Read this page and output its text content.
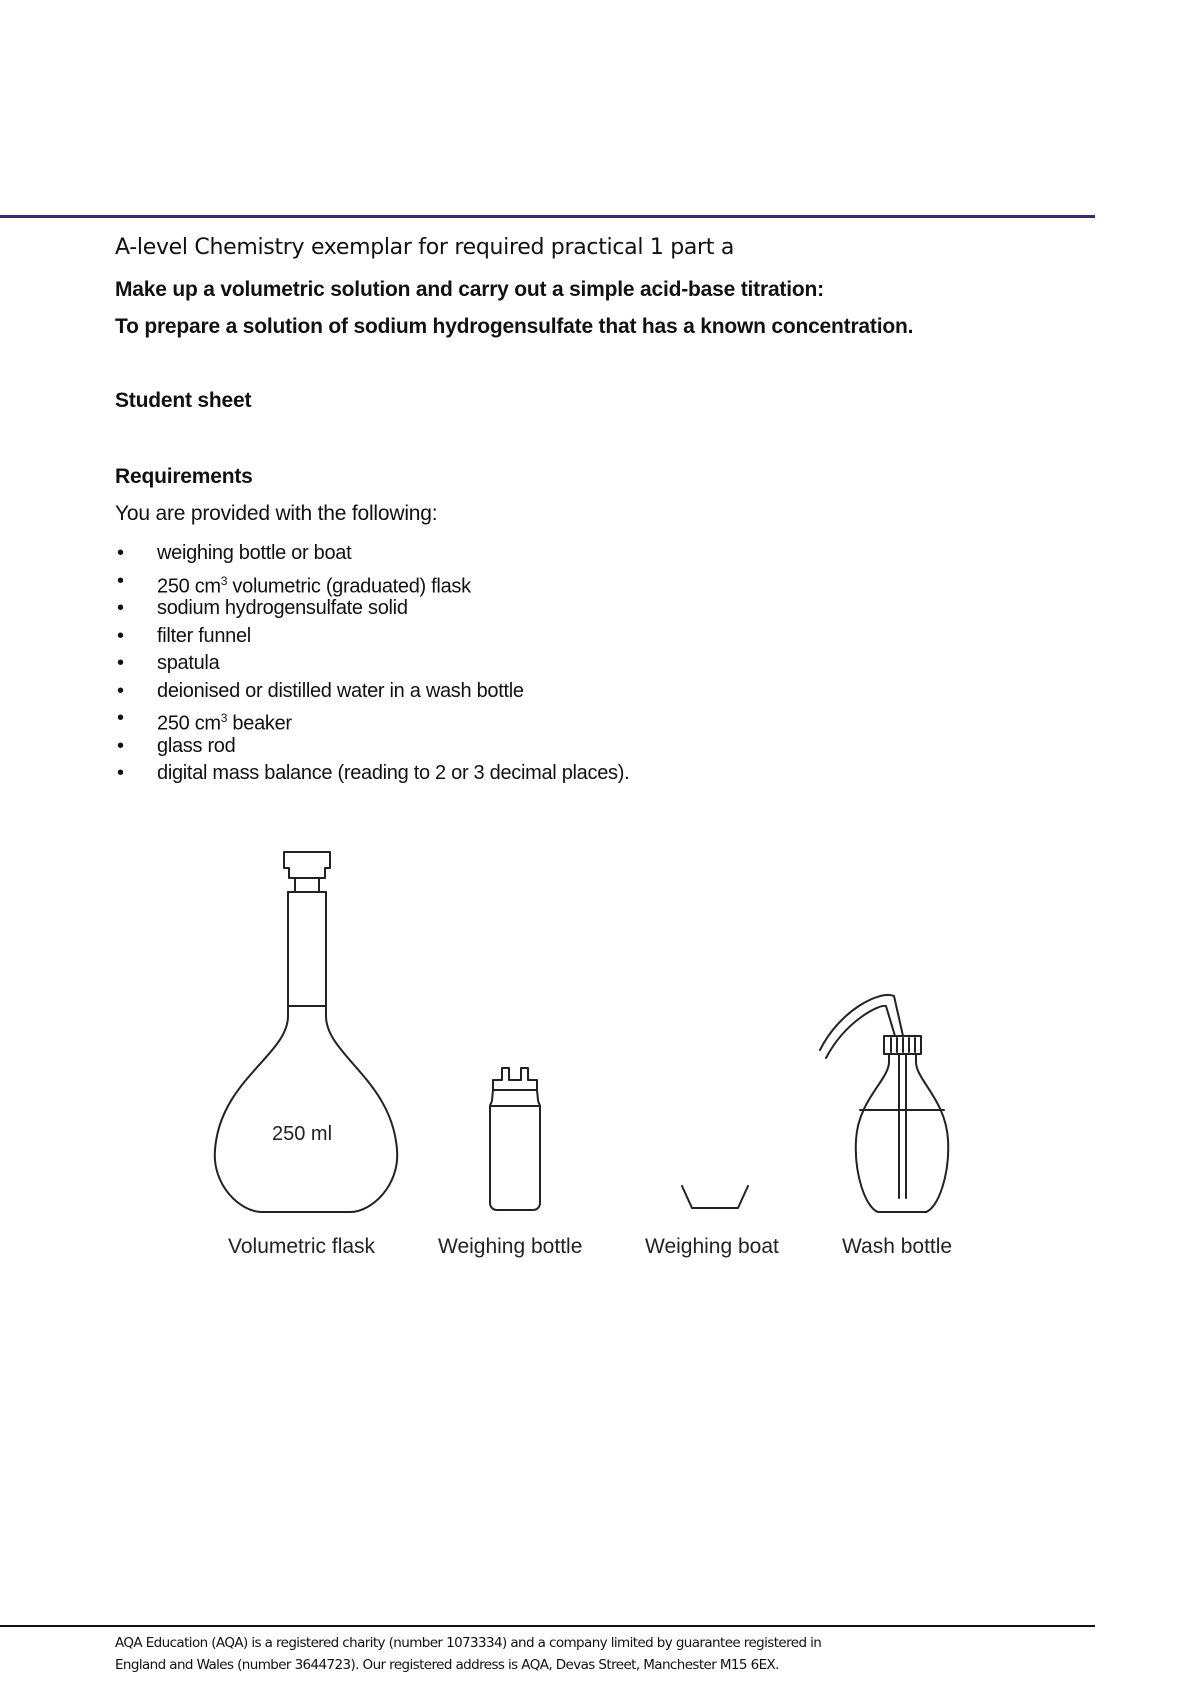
A-level Chemistry exemplar for required practical 1 part a
Make up a volumetric solution and carry out a simple acid-base titration:
To prepare a solution of sodium hydrogensulfate that has a known concentration.
Student sheet
Requirements
You are provided with the following:
• weighing bottle or boat
• 250 $cm^3$ volumetric (graduated) flask
• sodium hydrogensulfate solid
• filter funnel
• spatula
• deionised or distilled water in a wash bottle
• 250 $cm^3$ beaker
• glass rod
• digital mass balance (reading to 2 or 3 decimal places).
250 ml
Volumetric flask	Weighing bottle	Weighing boat	Wash bottle
AQA Education (AQA) is a registered charity (number 1073334) and a company limited by guarantee registered in
England and Wales (number 3644723). Our registered address is AQA, Devas Street, Manchester M15 6EX.
